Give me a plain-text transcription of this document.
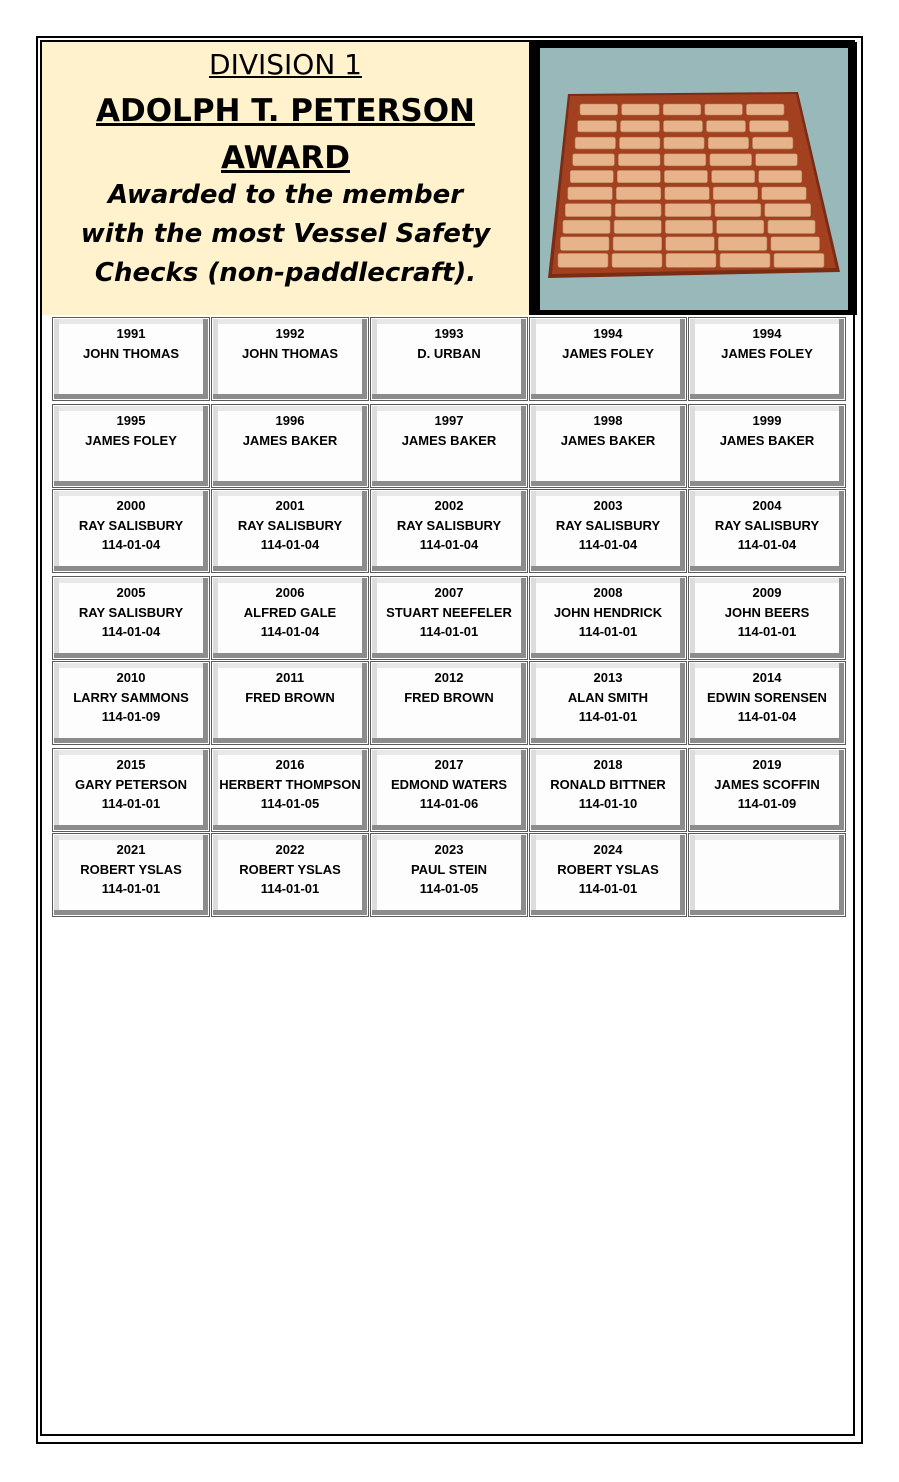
DIVISION 1
ADOLPH T. PETERSON
AWARD
Awarded to the member with the most Vessel Safety Checks (non-paddlecraft).
1991
JOHN THOMAS
1992
JOHN THOMAS
1993
D. URBAN
1994
JAMES FOLEY
1994
JAMES FOLEY
1995
JAMES FOLEY
1996
JAMES BAKER
1997
JAMES BAKER
1998
JAMES BAKER
1999
JAMES BAKER
2000
RAY SALISBURY
114-01-04
2001
RAY SALISBURY
114-01-04
2002
RAY SALISBURY
114-01-04
2003
RAY SALISBURY
114-01-04
2004
RAY SALISBURY
114-01-04
2005
RAY SALISBURY
114-01-04
2006
ALFRED GALE
114-01-04
2007
STUART NEEFELER
114-01-01
2008
JOHN HENDRICK
114-01-01
2009
JOHN BEERS
114-01-01
2010
LARRY SAMMONS
114-01-09
2011
FRED BROWN
2012
FRED BROWN
2013
ALAN SMITH
114-01-01
2014
EDWIN SORENSEN
114-01-04
2015
GARY PETERSON
114-01-01
2016
HERBERT THOMPSON
114-01-05
2017
EDMOND WATERS
114-01-06
2018
RONALD BITTNER
114-01-10
2019
JAMES SCOFFIN
114-01-09
2021
ROBERT YSLAS
114-01-01
2022
ROBERT YSLAS
114-01-01
2023
PAUL STEIN
114-01-05
2024
ROBERT YSLAS
114-01-01
